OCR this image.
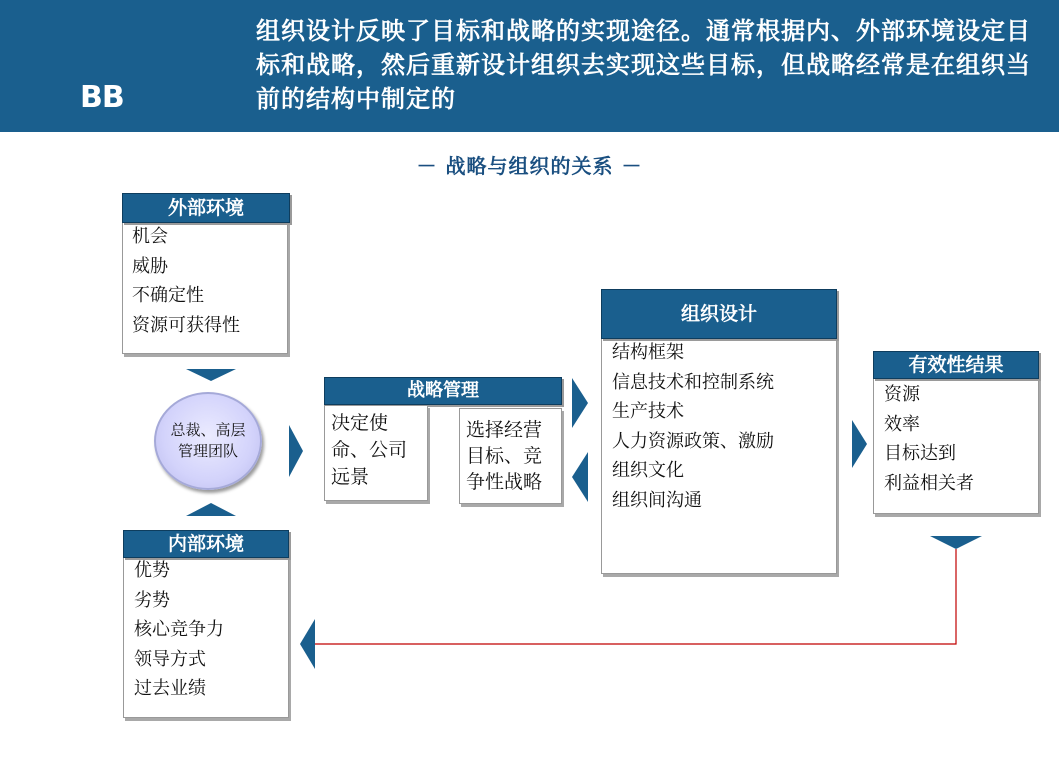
BB
组织设计反映了目标和战略的实现途径。通常根据内、外部环境设定目标和战略，然后重新设计组织去实现这些目标，但战略经常是在组织当前的结构中制定的
－ 战略与组织的关系 －
外部环境
机会
威胁
不确定性
资源可获得性
总裁、高层
管理团队
内部环境
优势
劣势
核心竞争力
领导方式
过去业绩
战略管理
决定使命、公司远景
选择经营目标、竞争性战略
组织设计
结构框架
信息技术和控制系统
生产技术
人力资源政策、激励
组织文化
组织间沟通
有效性结果
资源
效率
目标达到
利益相关者
